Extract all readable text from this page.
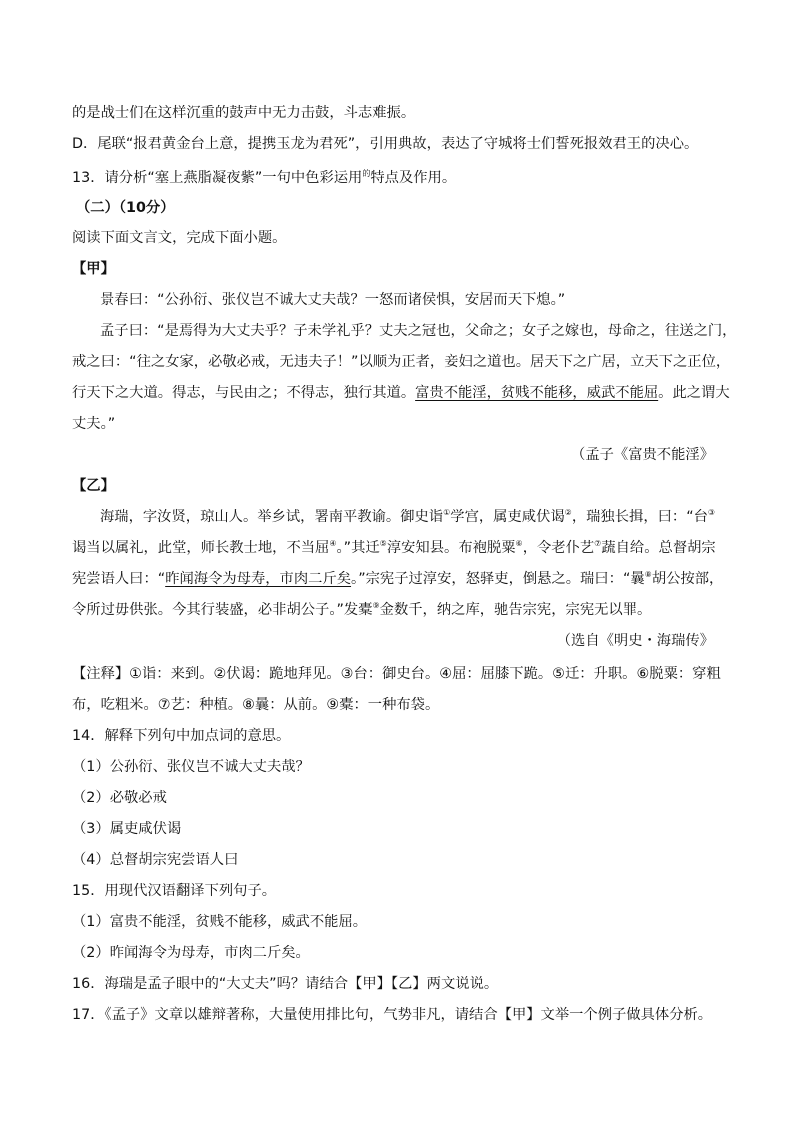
的是战士们在这样沉重的鼓声中无力击鼓，斗志难振。
D．尾联“报君黄金台上意，提携玉龙为君死”，引用典故，表达了守城将士们誓死报效君王的决心。
13．请分析“塞上燕脂凝夜紫”一句中色彩运用$^的$特点及作用。
（二）（10分）
阅读下面文言文，完成下面小题。
【甲】
景春曰：“公孙衍、张仪岂不诚大丈夫哉？一怒而诸侯惧，安居而天下熄。”
孟子曰：“是焉得为大丈夫乎？子未学礼乎？丈夫之冠也，父命之；女子之嫁也，母命之，往送之门，
戒之曰：“往之女家，必敬必戒，无违夫子！”以顺为正者，妾妇之道也。居天下之广居，立天下之正位，
行天下之大道。得志，与民由之；不得志，独行其道。富贵不能淫，贫贱不能移，威武不能屈。此之谓大
丈夫。”
（孟子《富贵不能淫》
【乙】
海瑞，字汝贤，琼山人。举乡试，署南平教谕。御史诣①学宫，属吏咸伏谒②，瑞独长揖，曰：“台③
谒当以属礼，此堂，师长教士地，不当屈④。”其迁⑤淳安知县。布袍脱粟⑥，令老仆艺⑦蔬自给。总督胡宗
宪尝语人曰：“昨闻海令为母寿，市肉二斤矣。”宗宪子过淳安，怒驿吏，倒悬之。瑞曰：“曩⑧胡公按部，
令所过毋供张。今其行装盛，必非胡公子。”发橐⑨金数千，纳之库，驰告宗宪，宗宪无以罪。
（选自《明史・海瑞传》
【注释】①诣：来到。②伏谒：跪地拜见。③台：御史台。④屈：屈膝下跪。⑤迁：升职。⑥脱粟：穿粗
布，吃粗米。⑦艺：种植。⑧曩：从前。⑨橐：一种布袋。
14．解释下列句中加点词的意思。
（1）公孙衍、张仪岂不诚大丈夫哉？
（2）必敬必戒
（3）属吏咸伏谒
（4）总督胡宗宪尝语人曰
15．用现代汉语翻译下列句子。
（1）富贵不能淫，贫贱不能移，威武不能屈。
（2）昨闻海令为母寿，市肉二斤矣。
16．海瑞是孟子眼中的“大丈夫”吗？请结合【甲】【乙】两文说说。
17．《孟子》文章以雄辩著称，大量使用排比句，气势非凡，请结合【甲】文举一个例子做具体分析。
